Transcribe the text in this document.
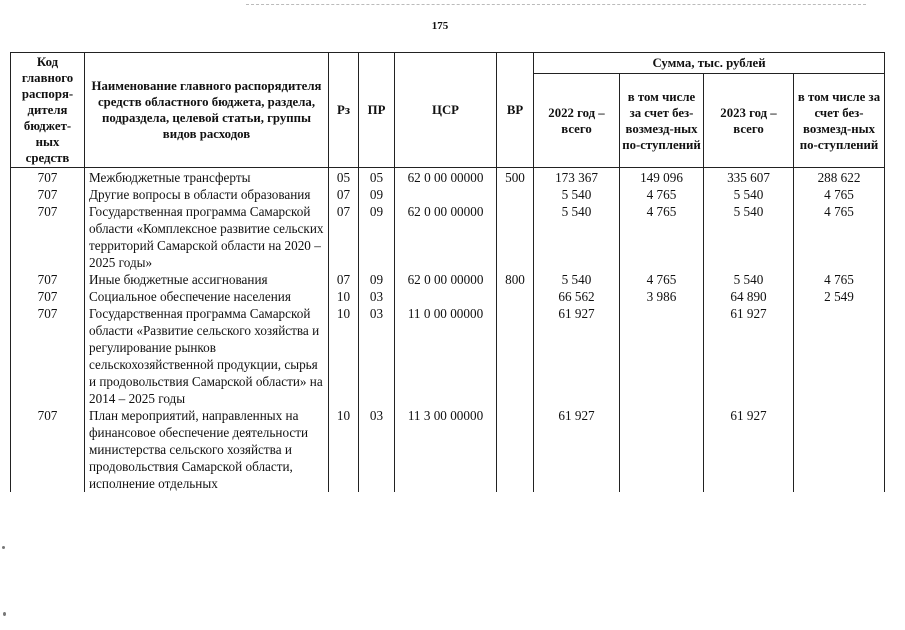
175
Код главного распоря-дителя бюджет-ных средств	Наименование главного распорядителя средств областного бюджета, раздела, подраздела, целевой статьи, группы видов расходов	Рз	ПР	ЦСР	ВР	Сумма, тыс. рублей			
						2022 год – всего	в том числе за счет без-возмезд-ных по-ступлений	2023 год – всего	в том числе за счет без-возмезд-ных по-ступлений
707	Межбюджетные трансферты	05	05	62 0 00 00000	500	173 367	149 096	335 607	288 622
707	Другие вопросы в области образования	07	09			5 540	4 765	5 540	4 765
707	Государственная программа Самарской области «Комплексное развитие сельских территорий Самарской области на 2020 – 2025 годы»	07	09	62 0 00 00000		5 540	4 765	5 540	4 765
707	Иные бюджетные ассигнования	07	09	62 0 00 00000	800	5 540	4 765	5 540	4 765
707	Социальное обеспечение населения	10	03			66 562	3 986	64 890	2 549
707	Государственная программа Самарской области «Развитие сельского хозяйства и регулирование рынков сельскохозяйственной продукции, сырья и продовольствия Самарской области» на 2014 – 2025 годы	10	03	11 0 00 00000		61 927		61 927	
707	План мероприятий, направленных на финансовое обеспечение деятельности министерства сельского хозяйства и продовольствия Самарской области, исполнение отдельных	10	03	11 3 00 00000		61 927		61 927	
